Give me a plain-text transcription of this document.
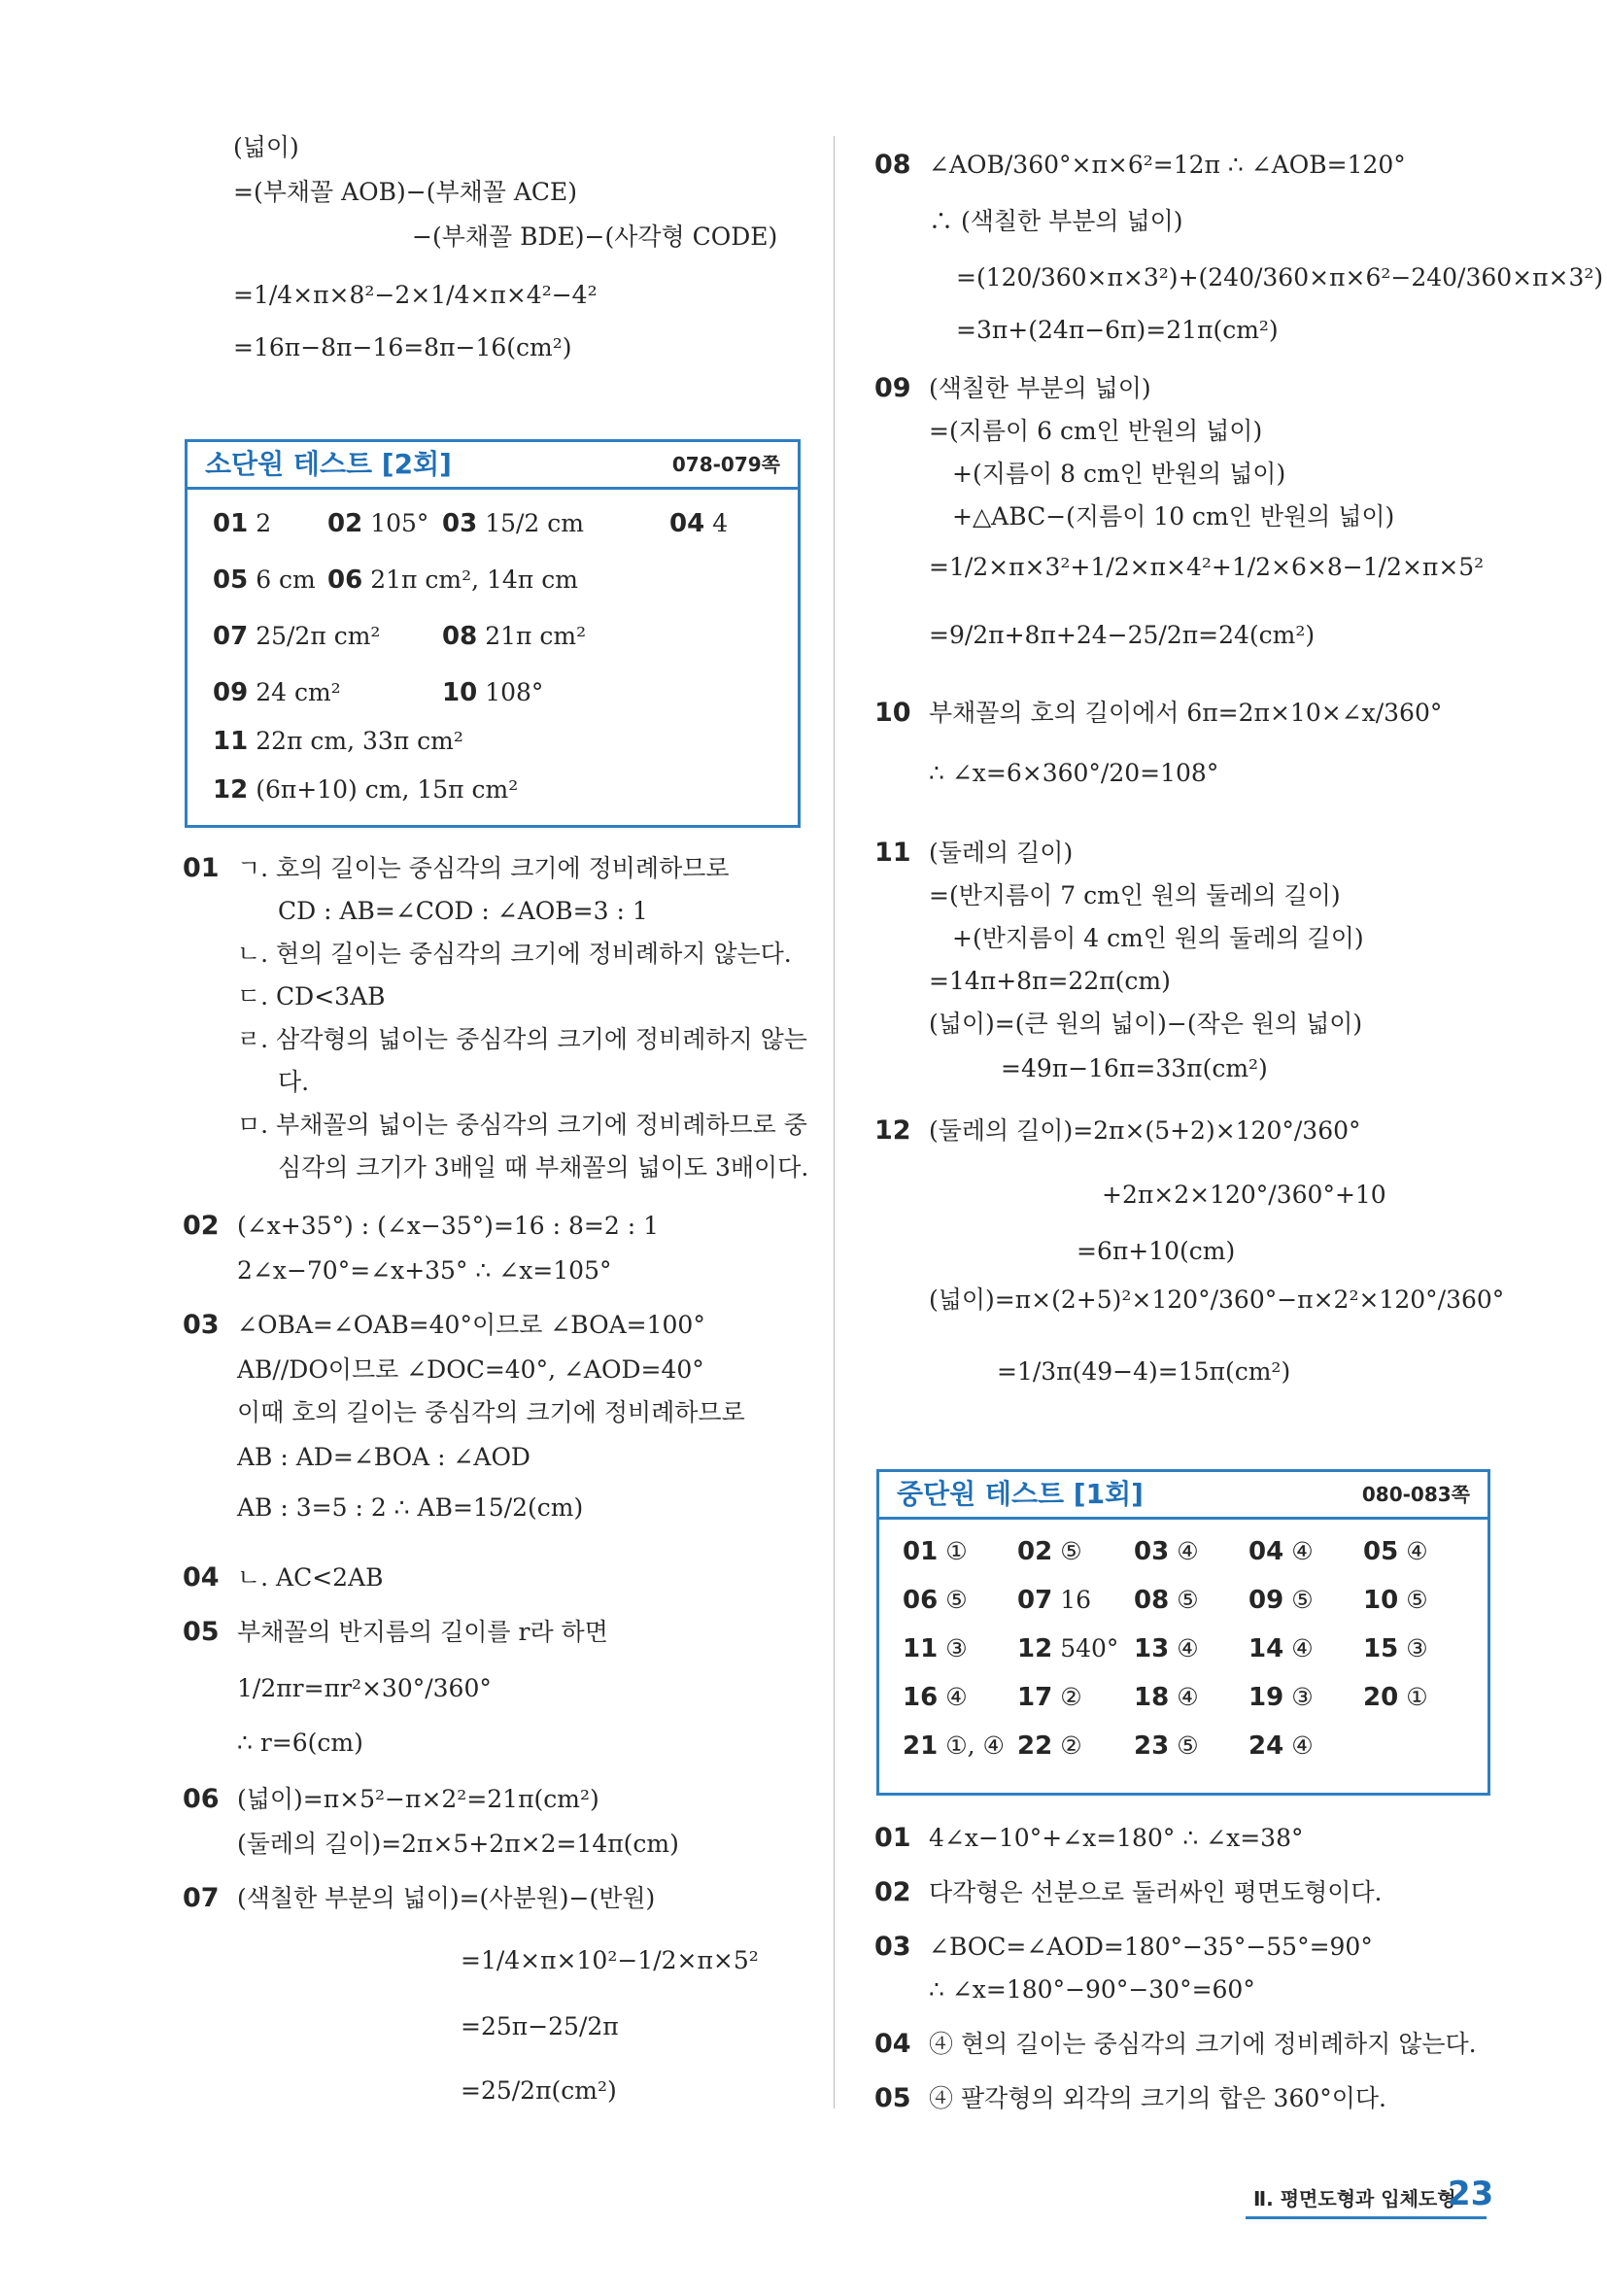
(넓이)
=(부채꼴 AOB)−(부채꼴 ACE)
−(부채꼴 BDE)−(사각형 CODE)
=1/4×π×8²−2×1/4×π×4²−4²
=16π−8π−16=8π−16(cm²)
소단원 테스트 [2회]	078-079쪽
01 2 02 105° 03 15/2 cm	04 4
05 6 cm 06 21π cm², 14π cm
07 25/2π cm² 08 21π cm²
09 24 cm²	10 108°
11 22π cm, 33π cm²
12 (6π+10) cm, 15π cm²
01 ㄱ. 호의 길이는 중심각의 크기에 정비례하므로
CD : AB=∠COD : ∠AOB=3 : 1
ㄴ. 현의 길이는 중심각의 크기에 정비례하지 않는다.
ㄷ. CD<3AB
ㄹ. 삼각형의 넓이는 중심각의 크기에 정비례하지 않는
다.
ㅁ. 부채꼴의 넓이는 중심각의 크기에 정비례하므로 중
심각의 크기가 3배일 때 부채꼴의 넓이도 3배이다.
02 (∠x+35°) : (∠x−35°)=16 : 8=2 : 1
2∠x−70°=∠x+35° ∴ ∠x=105°
03 ∠OBA=∠OAB=40°이므로 ∠BOA=100°
AB//DO이므로 ∠DOC=40°, ∠AOD=40°
이때 호의 길이는 중심각의 크기에 정비례하므로
AB : AD=∠BOA : ∠AOD
AB : 3=5 : 2 ∴ AB=15/2(cm)
04 ㄴ. AC<2AB
05 부채꼴의 반지름의 길이를 r라 하면
1/2πr=πr²×30°/360°
∴ r=6(cm)
06 (넓이)=π×5²−π×2²=21π(cm²)
(둘레의 길이)=2π×5+2π×2=14π(cm)
07 (색칠한 부분의 넓이)=(사분원)−(반원)
=1/4×π×10²−1/2×π×5²
=25π−25/2π
=25/2π(cm²)
08 ∠AOB/360°×π×6²=12π ∴ ∠AOB=120°
∴ (색칠한 부분의 넓이)
=(120/360×π×3²)+(240/360×π×6²−240/360×π×3²)
=3π+(24π−6π)=21π(cm²)
09 (색칠한 부분의 넓이)
=(지름이 6 cm인 반원의 넓이)
+(지름이 8 cm인 반원의 넓이)
+△ABC−(지름이 10 cm인 반원의 넓이)
=1/2×π×3²+1/2×π×4²+1/2×6×8−1/2×π×5²
=9/2π+8π+24−25/2π=24(cm²)
10 부채꼴의 호의 길이에서 6π=2π×10×∠x/360°
∴ ∠x=6×360°/20=108°
11 (둘레의 길이)
=(반지름이 7 cm인 원의 둘레의 길이)
+(반지름이 4 cm인 원의 둘레의 길이)
=14π+8π=22π(cm)
(넓이)=(큰 원의 넓이)−(작은 원의 넓이)
=49π−16π=33π(cm²)
12 (둘레의 길이)=2π×(5+2)×120°/360°
+2π×2×120°/360°+10
=6π+10(cm)
(넓이)=π×(2+5)²×120°/360°−π×2²×120°/360°
=1/3π(49−4)=15π(cm²)
중단원 테스트 [1회]	080-083쪽
01 ① 02 ⑤ 03 ④ 04 ④ 05 ④
06 ⑤ 07 16 08 ⑤ 09 ⑤ 10 ⑤
11 ③ 12 540° 13 ④ 14 ④ 15 ③
16 ④ 17 ② 18 ④ 19 ③ 20 ①
21 ①, ④ 22 ② 23 ⑤ 24 ④
01 4∠x−10°+∠x=180° ∴ ∠x=38°
02 다각형은 선분으로 둘러싸인 평면도형이다.
03 ∠BOC=∠AOD=180°−35°−55°=90°
∴ ∠x=180°−90°−30°=60°
04 ④ 현의 길이는 중심각의 크기에 정비례하지 않는다.
05 ④ 팔각형의 외각의 크기의 합은 360°이다.
Ⅱ. 평면도형과 입체도형
23
